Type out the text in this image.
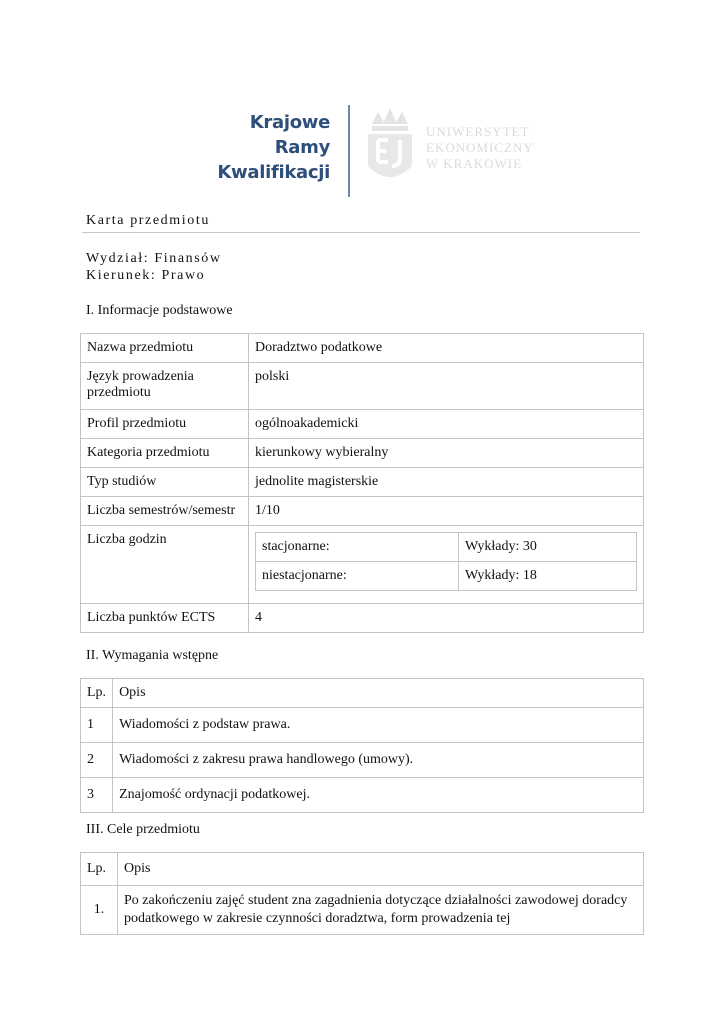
Krajowe
Ramy
Kwalifikacji
UNIWERSYTET
EKONOMICZNY
W KRAKOWIE
Karta przedmiotu
Wydział: Finansów
Kierunek: Prawo
I. Informacje podstawowe
Nazwa przedmiotu	Doradztwo podatkowe
Język prowadzenia przedmiotu	polski
Profil przedmiotu	ogólnoakademicki
Kategoria przedmiotu	kierunkowy wybieralny
Typ studiów	jednolite magisterskie
Liczba semestrów/semestr	1/10
Liczba godzin		stacjonarne:	Wykłady: 30
niestacjonarne:	Wykłady: 18

Liczba punktów ECTS	4
II. Wymagania wstępne
Lp.	Opis
1	Wiadomości z podstaw prawa.
2	Wiadomości z zakresu prawa handlowego (umowy).
3	Znajomość ordynacji podatkowej.
III. Cele przedmiotu
Lp.	Opis
1.	Po zakończeniu zajęć student zna zagadnienia dotyczące działalności zawodowej doradcy podatkowego w zakresie czynności doradztwa, form prowadzenia tej
